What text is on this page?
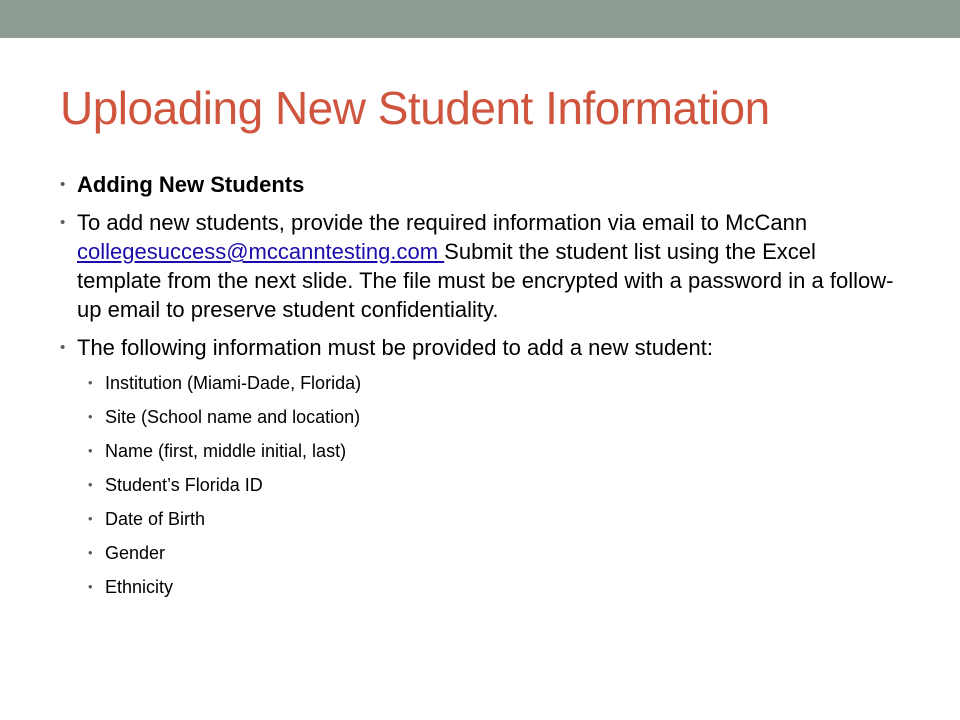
Uploading New Student Information
• Adding New Students
• To add new students, provide the required information via email to McCann collegesuccess@mccanntesting.com Submit the student list using the Excel template from the next slide. The file must be encrypted with a password in a follow-up email to preserve student confidentiality.
• The following information must be provided to add a new student:
• Institution (Miami-Dade, Florida)
• Site (School name and location)
• Name (first, middle initial, last)
• Student’s Florida ID
• Date of Birth
• Gender
• Ethnicity
